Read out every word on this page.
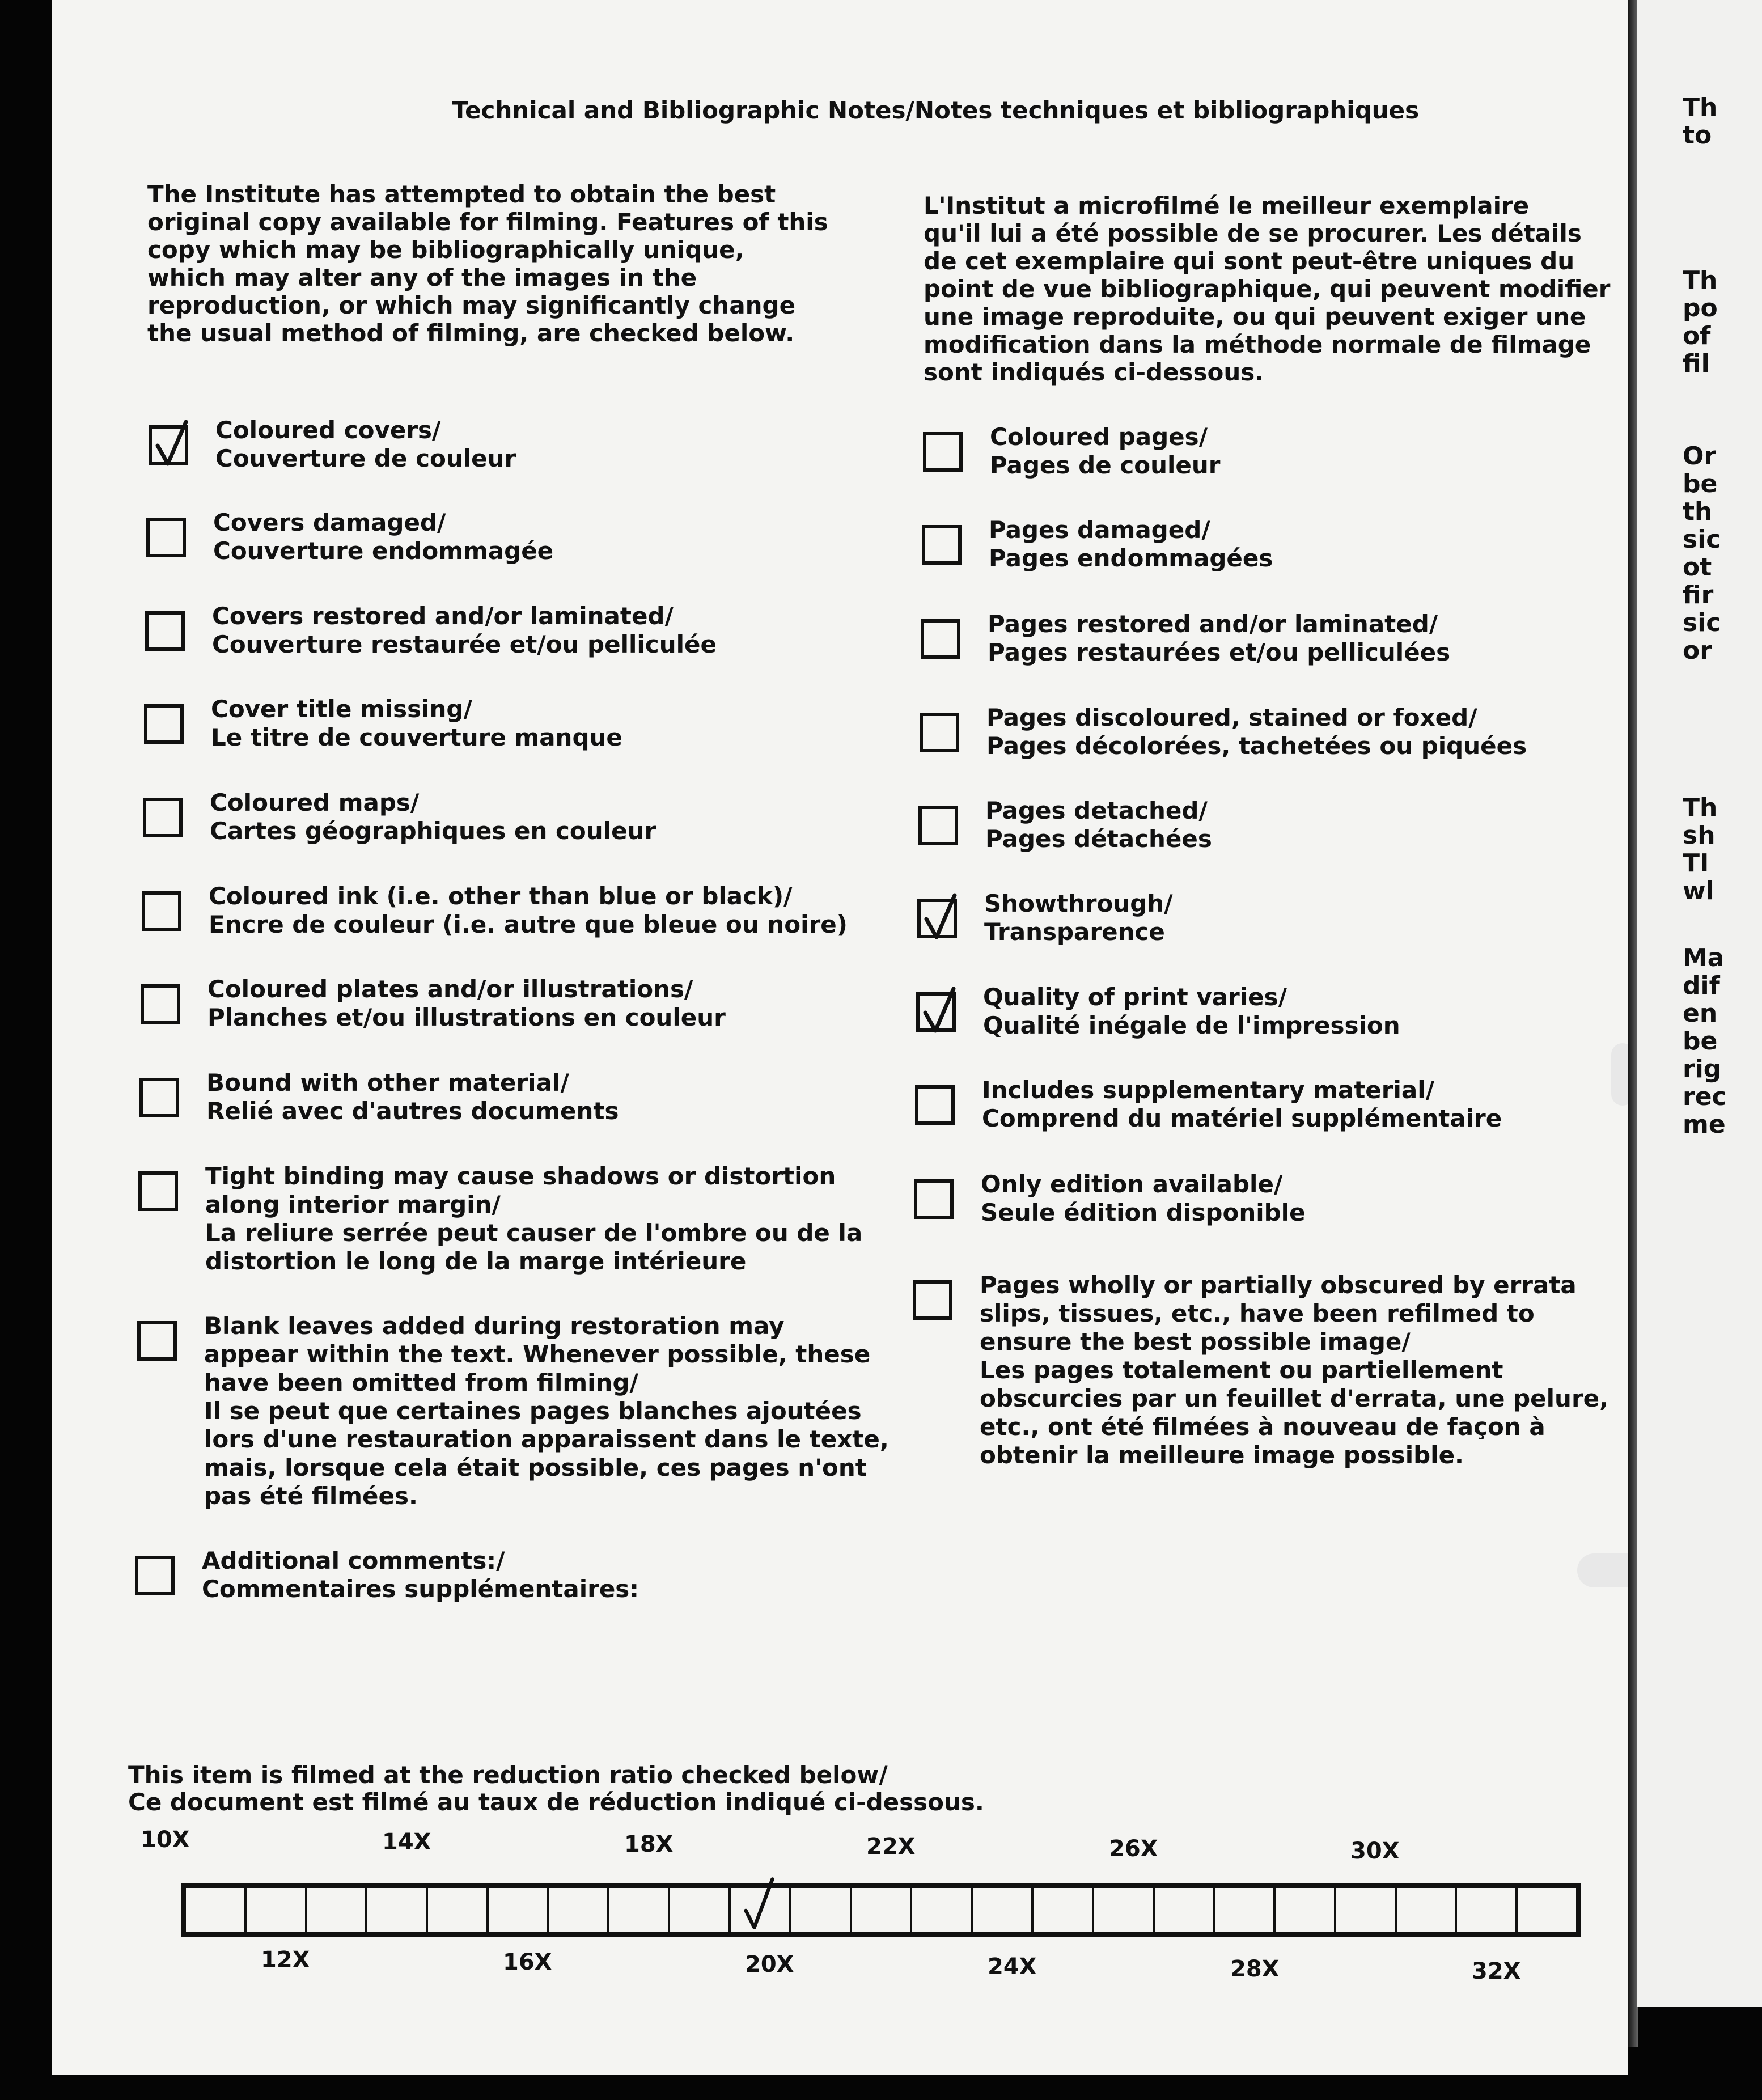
Technical and Bibliographic Notes/Notes techniques et bibliographiques
The Institute has attempted to obtain the best
original copy available for filming. Features of this
copy which may be bibliographically unique,
which may alter any of the images in the
reproduction, or which may significantly change
the usual method of filming, are checked below.
L'Institut a microfilmé le meilleur exemplaire
qu'il lui a été possible de se procurer. Les détails
de cet exemplaire qui sont peut-être uniques du
point de vue bibliographique, qui peuvent modifier
une image reproduite, ou qui peuvent exiger une
modification dans la méthode normale de filmage
sont indiqués ci-dessous.
Coloured covers/
Couverture de couleur
Covers damaged/
Couverture endommagée
Covers restored and/or laminated/
Couverture restaurée et/ou pelliculée
Cover title missing/
Le titre de couverture manque
Coloured maps/
Cartes géographiques en couleur
Coloured ink (i.e. other than blue or black)/
Encre de couleur (i.e. autre que bleue ou noire)
Coloured plates and/or illustrations/
Planches et/ou illustrations en couleur
Bound with other material/
Relié avec d'autres documents
Tight binding may cause shadows or distortion
along interior margin/
La reliure serrée peut causer de l'ombre ou de la
distortion le long de la marge intérieure
Blank leaves added during restoration may
appear within the text. Whenever possible, these
have been omitted from filming/
Il se peut que certaines pages blanches ajoutées
lors d'une restauration apparaissent dans le texte,
mais, lorsque cela était possible, ces pages n'ont
pas été filmées.
Additional comments:/
Commentaires supplémentaires:
Coloured pages/
Pages de couleur
Pages damaged/
Pages endommagées
Pages restored and/or laminated/
Pages restaurées et/ou pelliculées
Pages discoloured, stained or foxed/
Pages décolorées, tachetées ou piquées
Pages detached/
Pages détachées
Showthrough/
Transparence
Quality of print varies/
Qualité inégale de l'impression
Includes supplementary material/
Comprend du matériel supplémentaire
Only edition available/
Seule édition disponible
Pages wholly or partially obscured by errata
slips, tissues, etc., have been refilmed to
ensure the best possible image/
Les pages totalement ou partiellement
obscurcies par un feuillet d'errata, une pelure,
etc., ont été filmées à nouveau de façon à
obtenir la meilleure image possible.
This item is filmed at the reduction ratio checked below/
Ce document est filmé au taux de réduction indiqué ci-dessous.
10X	14X	18X	22X	26X	30X
12X	16X	20X	24X	28X	32X
Th
to
Th
po
of
fil
Or
be
th
sic
ot
fir
sic
or
Th
sh
TI
wl
Ma
dif
en
be
rig
rec
me
